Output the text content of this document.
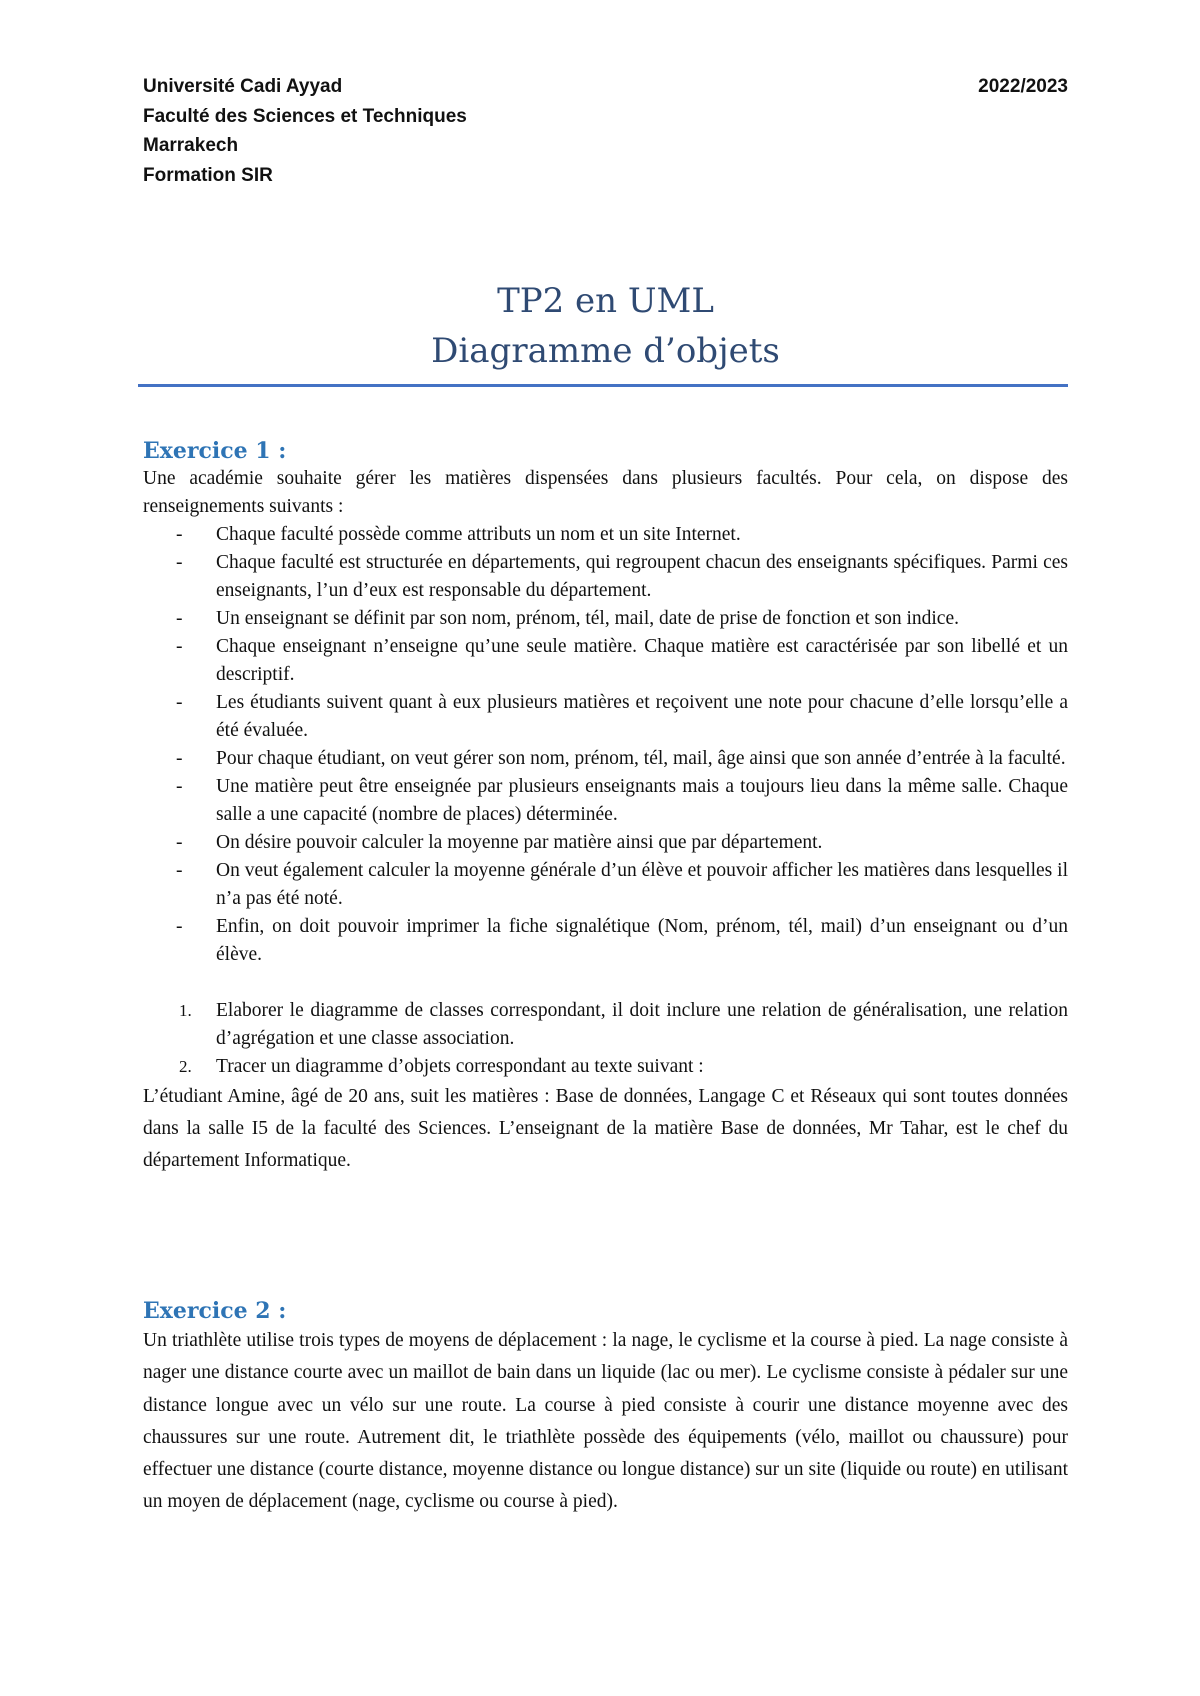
Université Cadi Ayyad
Faculté des Sciences et Techniques
Marrakech
Formation SIR
2022/2023
TP2 en UML
Diagramme d’objets
Exercice 1 :

Une académie souhaite gérer les matières dispensées dans plusieurs facultés. Pour cela, on dispose des renseignements suivants :

- Chaque faculté possède comme attributs un nom et un site Internet.
- Chaque faculté est structurée en départements, qui regroupent chacun des enseignants spécifiques. Parmi ces enseignants, l’un d’eux est responsable du département.
- Un enseignant se définit par son nom, prénom, tél, mail, date de prise de fonction et son indice.
- Chaque enseignant n’enseigne qu’une seule matière. Chaque matière est caractérisée par son libellé et un descriptif.
- Les étudiants suivent quant à eux plusieurs matières et reçoivent une note pour chacune d’elle lorsqu’elle a été évaluée.
- Pour chaque étudiant, on veut gérer son nom, prénom, tél, mail, âge ainsi que son année d’entrée à la faculté.
- Une matière peut être enseignée par plusieurs enseignants mais a toujours lieu dans la même salle. Chaque salle a une capacité (nombre de places) déterminée.
- On désire pouvoir calculer la moyenne par matière ainsi que par département.
- On veut également calculer la moyenne générale d’un élève et pouvoir afficher les matières dans lesquelles il n’a pas été noté.
- Enfin, on doit pouvoir imprimer la fiche signalétique (Nom, prénom, tél, mail) d’un enseignant ou d’un élève.
1. Elaborer le diagramme de classes correspondant, il doit inclure une relation de généralisation, une relation d’agrégation et une classe association.
2. Tracer un diagramme d’objets correspondant au texte suivant :

L’étudiant Amine, âgé de 20 ans, suit les matières : Base de données, Langage C et Réseaux qui sont toutes données dans la salle I5 de la faculté des Sciences. L’enseignant de la matière Base de données, Mr Tahar, est le chef du département Informatique.

Exercice 2 :

Un triathlète utilise trois types de moyens de déplacement : la nage, le cyclisme et la course à pied. La nage consiste à nager une distance courte avec un maillot de bain dans un liquide (lac ou mer). Le cyclisme consiste à pédaler sur une distance longue avec un vélo sur une route. La course à pied consiste à courir une distance moyenne avec des chaussures sur une route. Autrement dit, le triathlète possède des équipements (vélo, maillot ou chaussure) pour effectuer une distance (courte distance, moyenne distance ou longue distance) sur un site (liquide ou route) en utilisant un moyen de déplacement (nage, cyclisme ou course à pied).
